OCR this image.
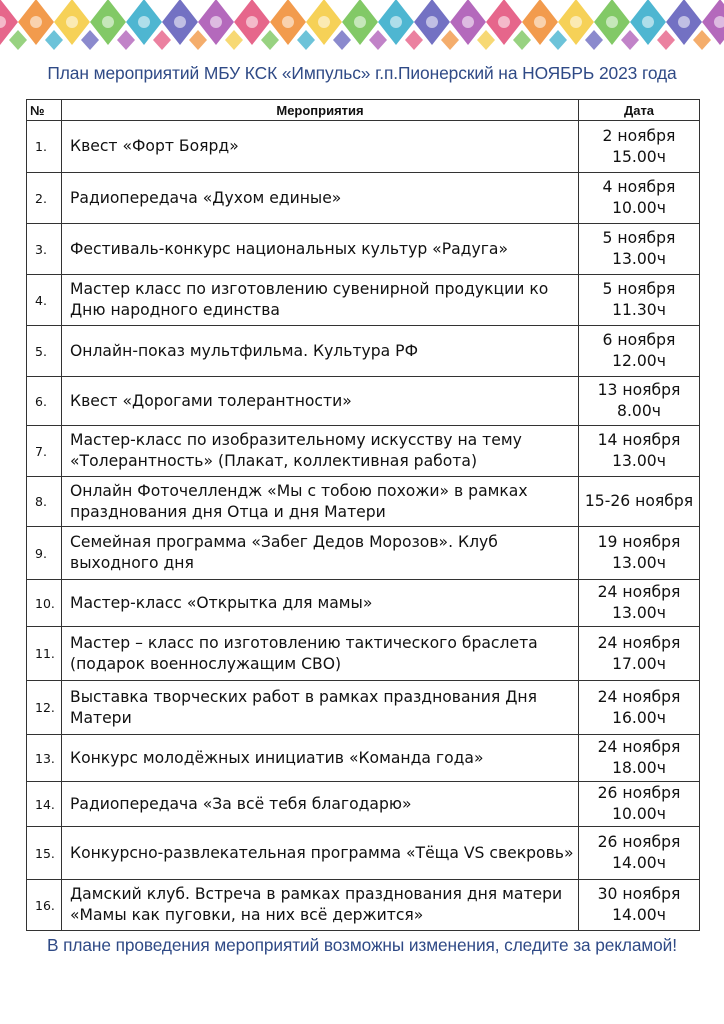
План мероприятий МБУ КСК «Импульс» г.п.Пионерский на НОЯБРЬ 2023 года
№	Мероприятия	Дата
1.	Квест «Форт Боярд»	2 ноября
15.00ч

2.	Радиопередача «Духом единые»	4 ноября
10.00ч

3.	Фестиваль-конкурс национальных культур «Радуга»	5 ноября
13.00ч

4.	Мастер класс по изготовлению сувенирной продукции ко Дню народного единства	5 ноября
11.30ч

5.	Онлайн-показ мультфильма. Культура РФ	6 ноября
12.00ч

6.	Квест «Дорогами толерантности»	13 ноября
8.00ч

7.	Мастер-класс по изобразительному искусству на тему «Толерантность» (Плакат, коллективная работа)	14 ноября
13.00ч

8.	Онлайн Фоточеллендж «Мы с тобою похожи» в рамках празднования дня Отца и дня Матери	15-26 ноября

9.	Семейная программа «Забег Дедов Морозов». Клуб выходного дня	19 ноября
13.00ч

10.	Мастер-класс «Открытка для мамы»	24 ноября
13.00ч

11.	Мастер – класс по изготовлению тактического браслета (подарок военнослужащим СВО)	24 ноября
17.00ч

12.	Выставка творческих работ в рамках празднования Дня Матери	24 ноября
16.00ч

13.	Конкурс молодёжных инициатив «Команда года»	24 ноября
18.00ч

14.	Радиопередача «За всё тебя благодарю»	26 ноября
10.00ч

15.	Конкурсно-развлекательная программа «Тёща VS свекровь»	26 ноября
14.00ч

16.	Дамский клуб. Встреча в рамках празднования дня матери «Мамы как пуговки, на них всё держится»	30 ноября
14.00ч
В плане проведения мероприятий возможны изменения, следите за рекламой!
